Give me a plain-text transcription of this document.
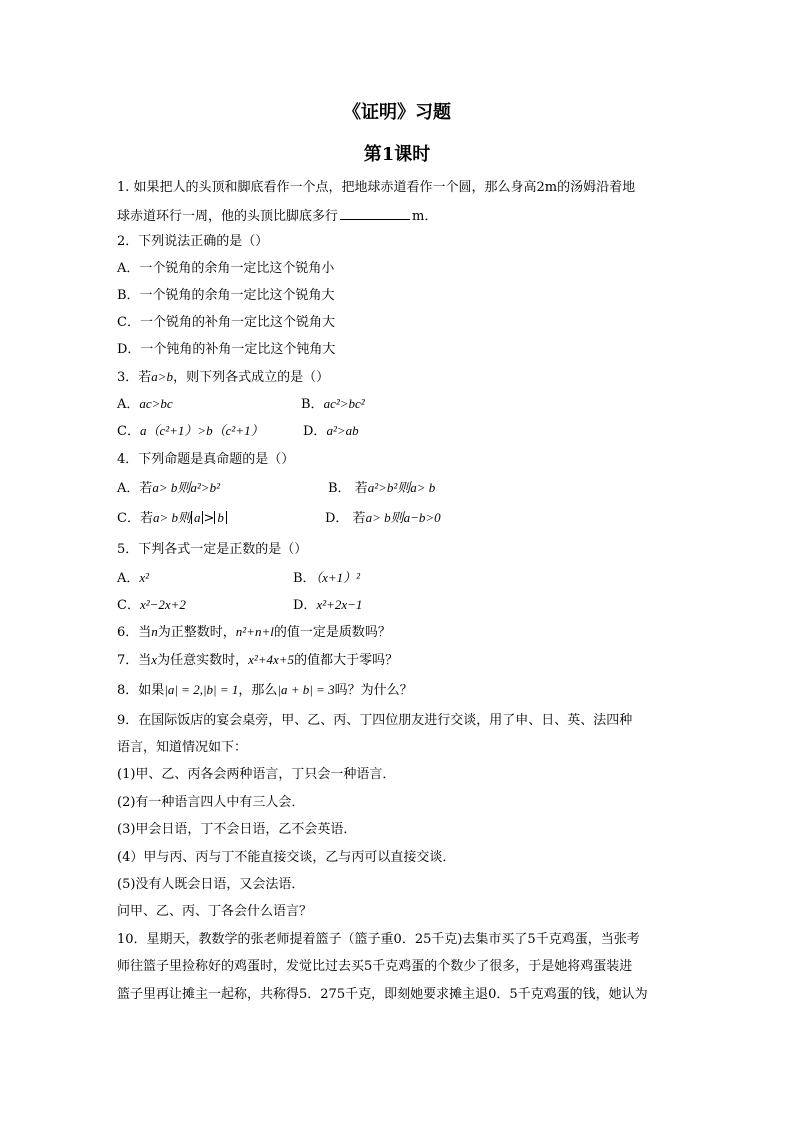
《证明》习题
第1课时
1. 如果把人的头顶和脚底看作一个点，把地球赤道看作一个圆，那么身高2m的汤姆沿着地
球赤道环行一周，他的头顶比脚底多行	m．
2．下列说法正确的是（）
A．一个锐角的余角一定比这个锐角小
B．一个锐角的余角一定比这个锐角大
C．一个锐角的补角一定比这个锐角大
D．一个钝角的补角一定比这个钝角大
3．若a>b，则下列各式成立的是（）
A．ac>bc	B．ac²>bc²
C．a（c²+1）>b（c²+1）	D．a²>ab
4．下列命题是真命题的是（）
A．若a> b则a²>b²	B． 若a²>b²则a> b
C．若a> b则 a > b	D． 若a> b则a−b>0
5．下判各式一定是正数的是（）
A．x²	B．（x+1）²
C．x²−2x+2	D．x²+2x−1
6．当n为正整数时，n²+n+l的值一定是质数吗？
7．当x为任意实数时，x²+4x+5的值都大于零吗？
8．如果|a| = 2,|b| = 1，那么|a + b| = 3吗？为什么？
9．在国际饭店的宴会桌旁，甲、乙、丙、丁四位朋友进行交谈，用了申、日、英、法四种
语言，知道情况如下：
(1)甲、乙、丙各会两种语言，丁只会一种语言．
(2)有一种语言四人中有三人会．
(3)甲会日语，丁不会日语，乙不会英语．
(4）甲与丙、丙与丁不能直接交谈，乙与丙可以直接交谈．
(5)没有人既会日语，又会法语．
问甲、乙、丙、丁各会什么语言？
10．星期天，教数学的张老师提着篮子（篮子重0．25千克)去集市买了5千克鸡蛋，当张考
师往篮子里捡称好的鸡蛋时，发觉比过去买5千克鸡蛋的个数少了很多，于是她将鸡蛋装进
篮子里再让摊主一起称，共称得5．275千克，即刻她要求摊主退0．5千克鸡蛋的钱，她认为
